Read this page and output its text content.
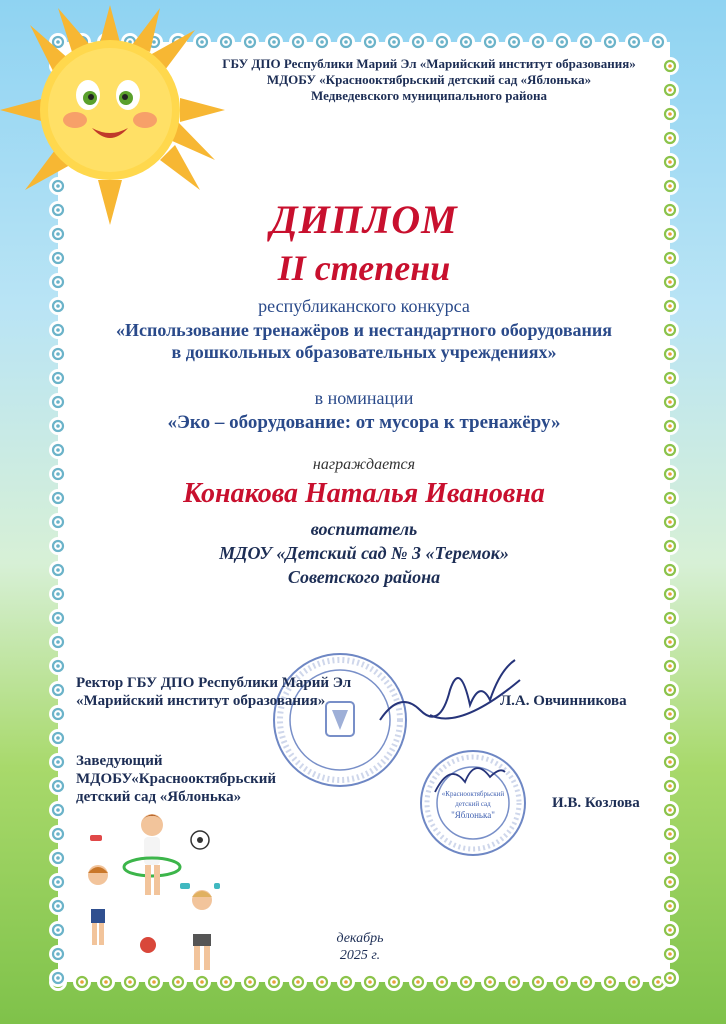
ГБУ ДПО Республики Марий Эл «Марийский институт образования»
МДОБУ «Краснооктябрьский детский сад «Яблонька»
Медведевского муниципального района
ДИПЛОМ
II степени
республиканского конкурса
«Использование тренажёров и нестандартного оборудования
в дошкольных образовательных учреждениях»
в номинации
«Эко – оборудование: от мусора к тренажёру»
награждается
Конакова Наталья Ивановна
воспитатель
МДОУ «Детский сад № 3 «Теремок»
Советского района
«Краснооктябрьский
детский сад
"Яблонька"
Ректор ГБУ ДПО Республики Марий Эл
«Марийский институт образования»	Л.А. Овчинникова
Заведующий
МДОБУ«Краснооктябрьский
детский сад «Яблонька»	И.В. Козлова
декабрь
2025 г.
